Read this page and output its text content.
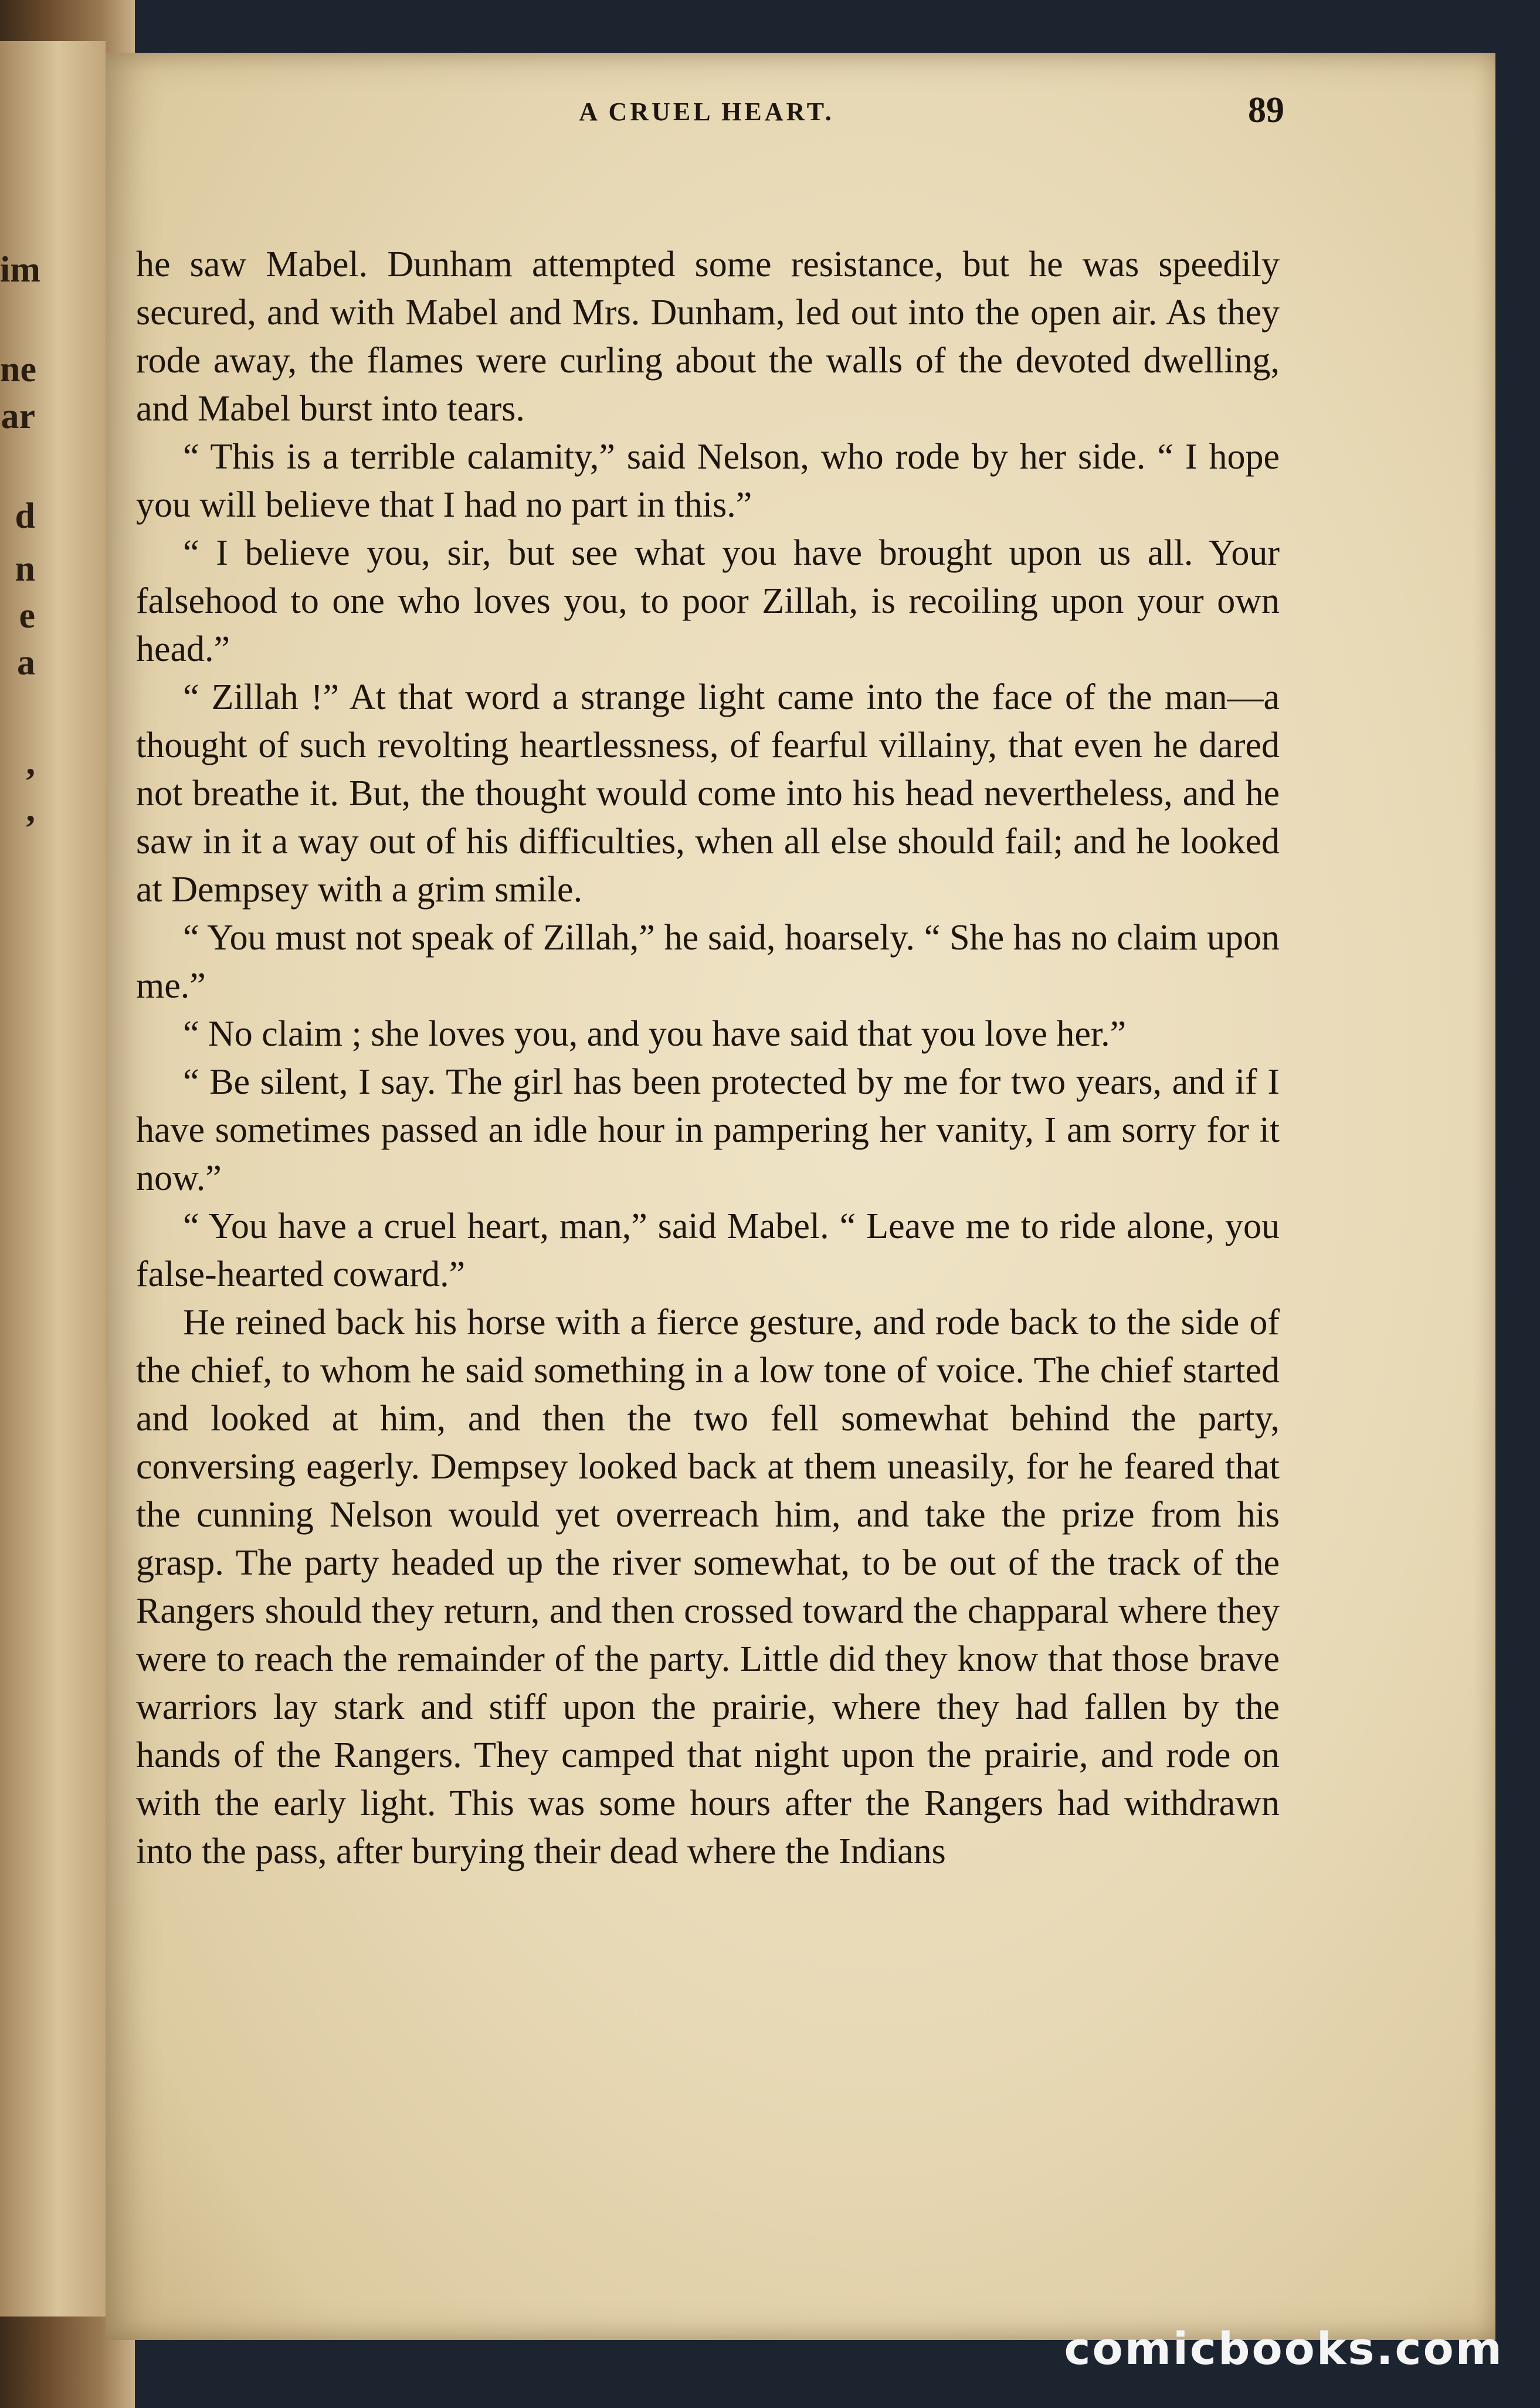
im
ne
ar
d
n
e
a
,
,
A CRUEL HEART.	89

he saw Mabel. Dunham attempted some resistance, but he was speedily secured, and with Mabel and Mrs. Dunham, led out into the open air. As they rode away, the flames were curling about the walls of the devoted dwelling, and Mabel burst into tears.

“ This is a terrible calamity,” said Nelson, who rode by her side. “ I hope you will believe that I had no part in this.”

“ I believe you, sir, but see what you have brought upon us all. Your falsehood to one who loves you, to poor Zillah, is recoiling upon your own head.”

“ Zillah !” At that word a strange light came into the face of the man—a thought of such revolting heartlessness, of fearful villainy, that even he dared not breathe it. But, the thought would come into his head nevertheless, and he saw in it a way out of his difficulties, when all else should fail; and he looked at Dempsey with a grim smile.

“ You must not speak of Zillah,” he said, hoarsely. “ She has no claim upon me.”

“ No claim ; she loves you, and you have said that you love her.”

“ Be silent, I say. The girl has been protected by me for two years, and if I have sometimes passed an idle hour in pampering her vanity, I am sorry for it now.”

“ You have a cruel heart, man,” said Mabel. “ Leave me to ride alone, you false-hearted coward.”

He reined back his horse with a fierce gesture, and rode back to the side of the chief, to whom he said something in a low tone of voice. The chief started and looked at him, and then the two fell somewhat behind the party, conversing eagerly. Dempsey looked back at them uneasily, for he feared that the cunning Nelson would yet overreach him, and take the prize from his grasp. The party headed up the river somewhat, to be out of the track of the Rangers should they return, and then crossed toward the chapparal where they were to reach the remainder of the party. Little did they know that those brave warriors lay stark and stiff upon the prairie, where they had fallen by the hands of the Rangers. They camped that night upon the prairie, and rode on with the early light. This was some hours after the Rangers had withdrawn into the pass, after burying their dead where the Indians

comicbooks.com
